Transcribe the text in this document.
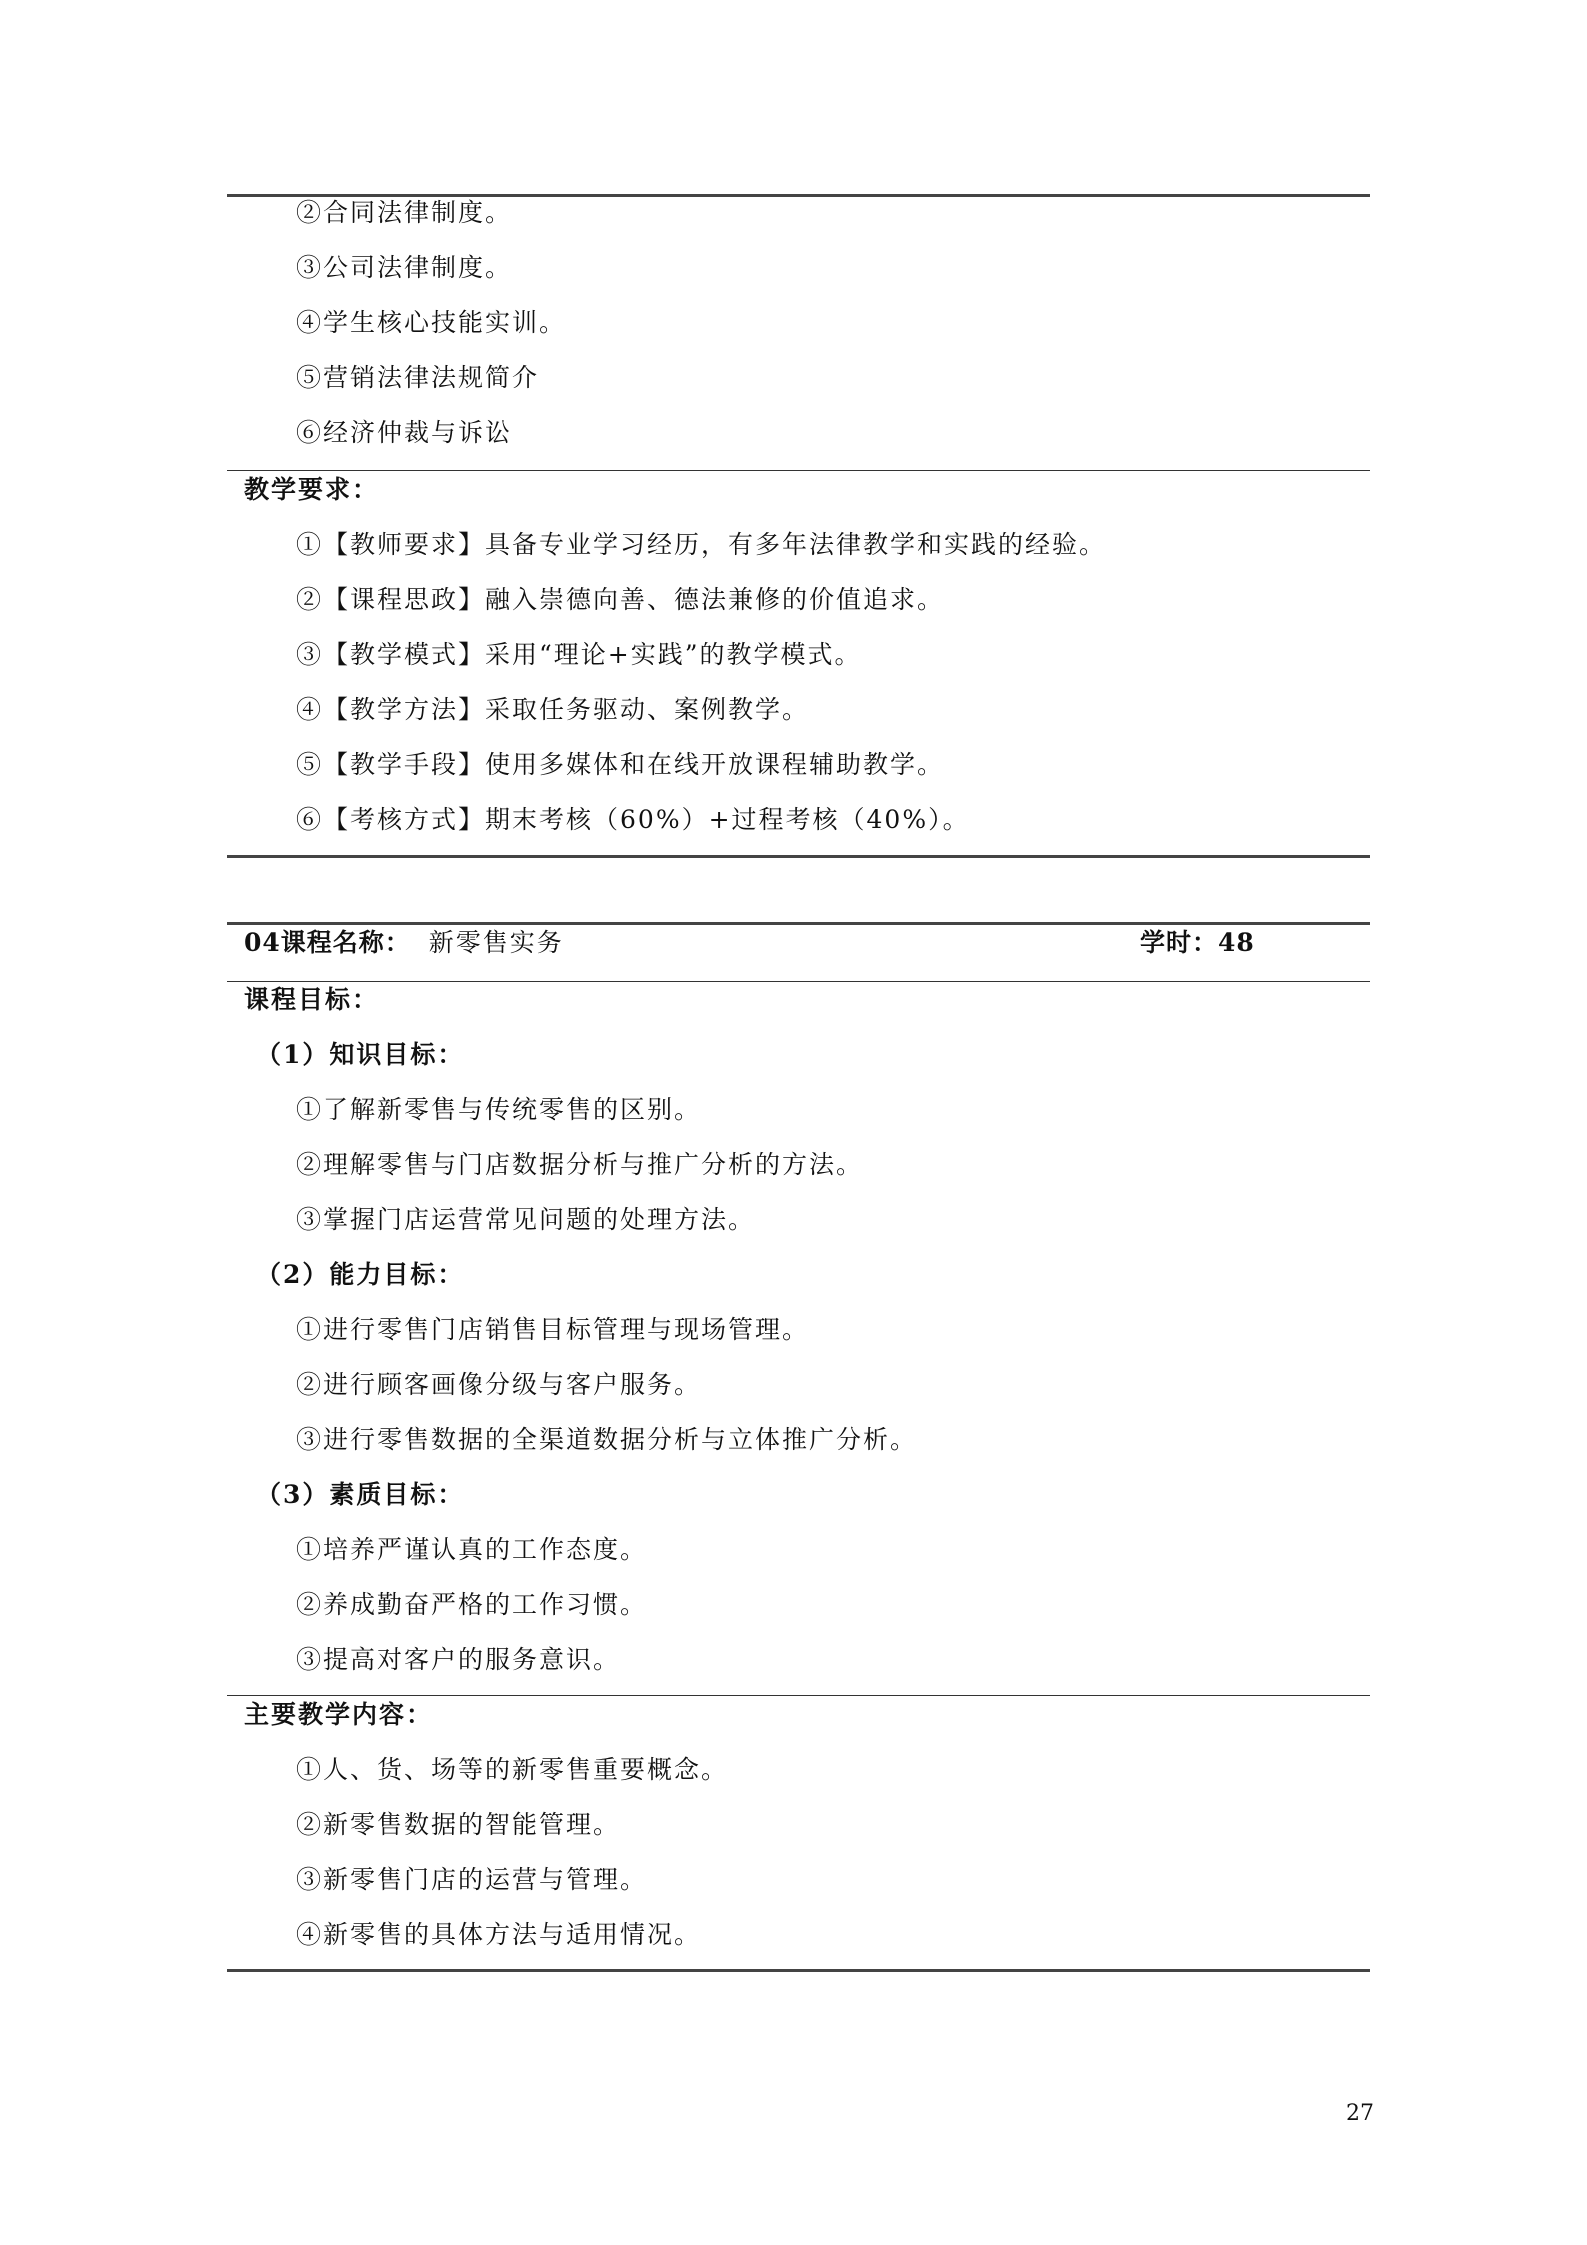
②合同法律制度。
③公司法律制度。
④学生核心技能实训。
⑤营销法律法规简介
⑥经济仲裁与诉讼
教学要求：
①【教师要求】具备专业学习经历，有多年法律教学和实践的经验。
②【课程思政】融入崇德向善、德法兼修的价值追求。
③【教学模式】采用“理论+实践”的教学模式。
④【教学方法】采取任务驱动、案例教学。
⑤【教学手段】使用多媒体和在线开放课程辅助教学。
⑥【考核方式】期末考核（60%）+过程考核（40%）。
04课程名称： 新零售实务	学时：48
课程目标：
（1）知识目标：
①了解新零售与传统零售的区别。
②理解零售与门店数据分析与推广分析的方法。
③掌握门店运营常见问题的处理方法。
（2）能力目标：
①进行零售门店销售目标管理与现场管理。
②进行顾客画像分级与客户服务。
③进行零售数据的全渠道数据分析与立体推广分析。
（3）素质目标：
①培养严谨认真的工作态度。
②养成勤奋严格的工作习惯。
③提高对客户的服务意识。
主要教学内容：
①人、货、场等的新零售重要概念。
②新零售数据的智能管理。
③新零售门店的运营与管理。
④新零售的具体方法与适用情况。
27
